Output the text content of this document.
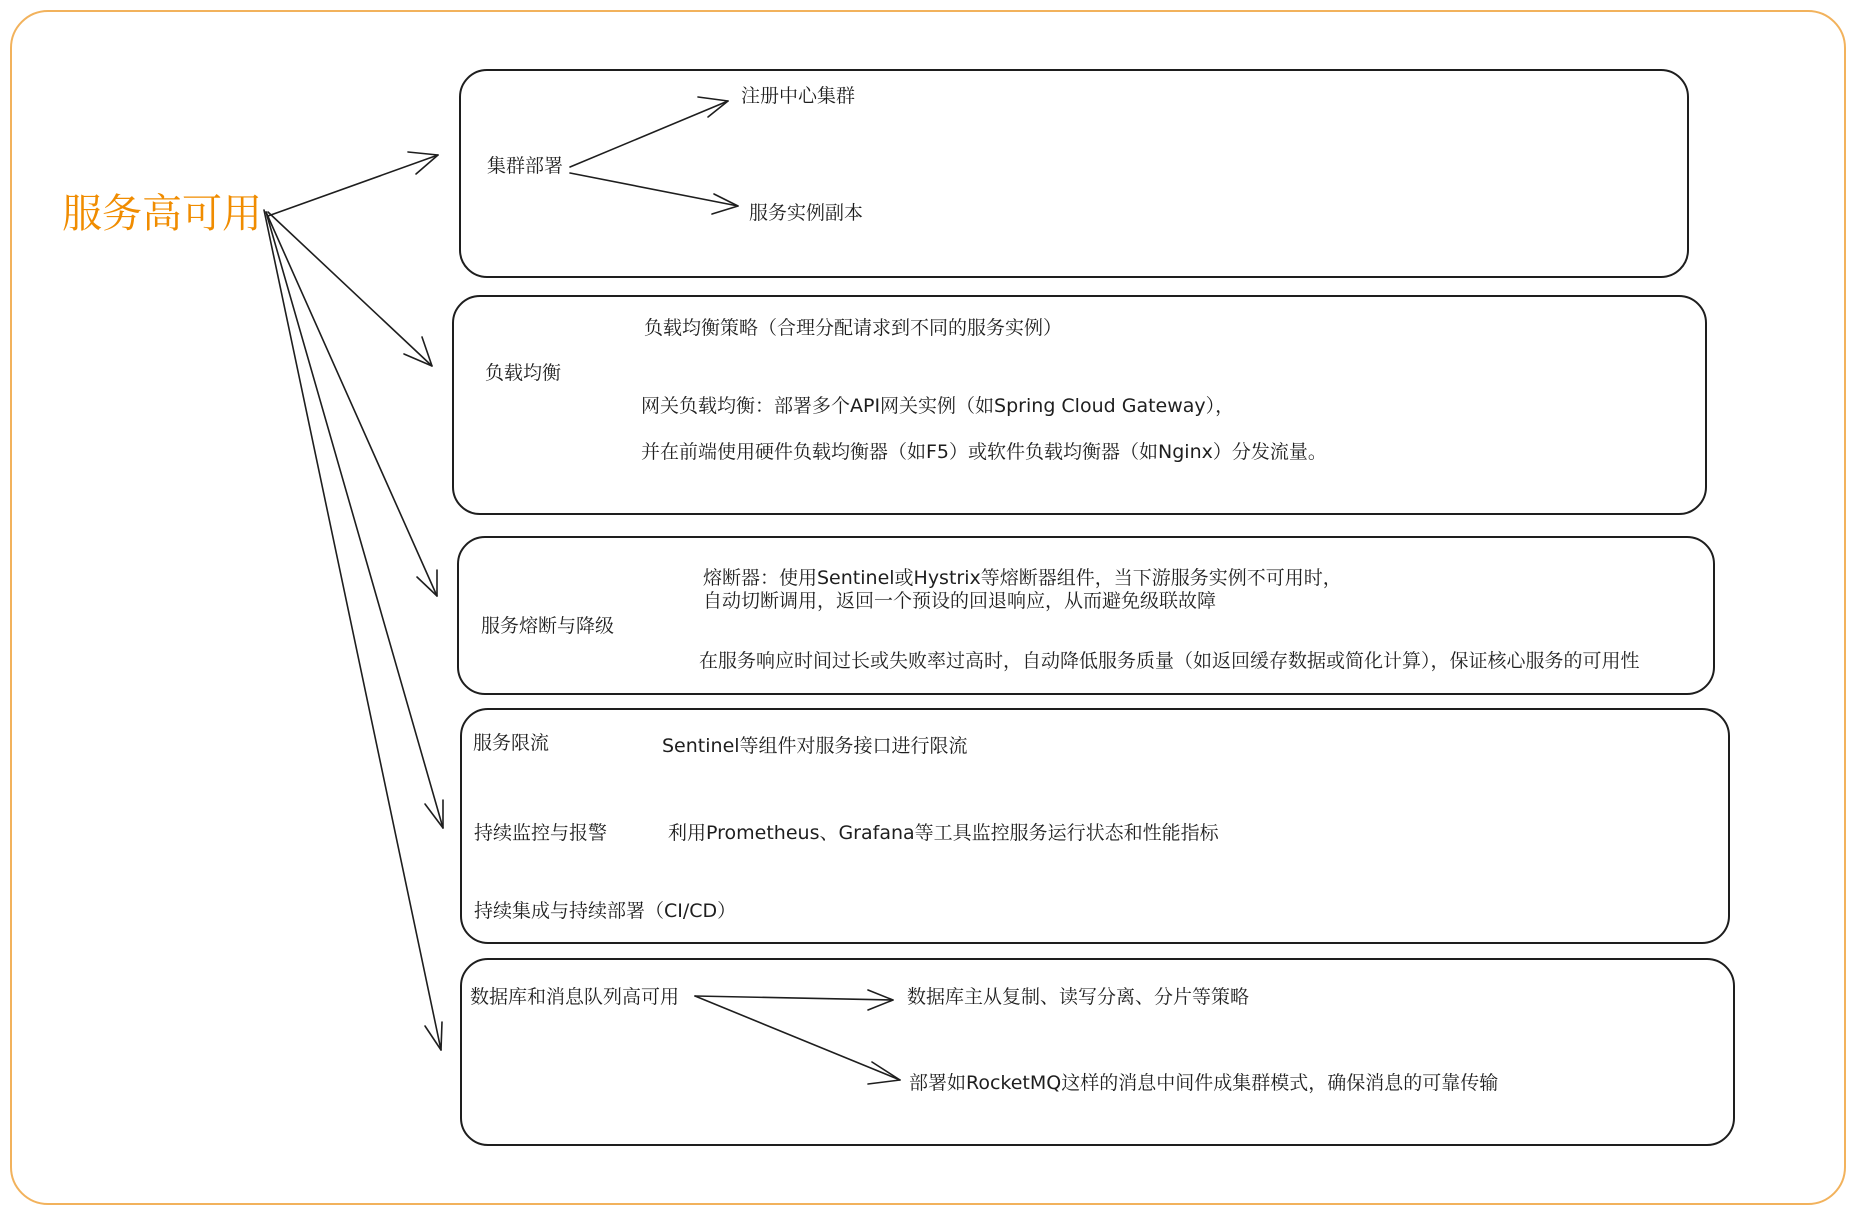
服务高可用
集群部署
注册中心集群
服务实例副本
负载均衡
负载均衡策略（合理分配请求到不同的服务实例）
网关负载均衡：部署多个API网关实例（如Spring Cloud Gateway），
并在前端使用硬件负载均衡器（如F5）或软件负载均衡器（如Nginx）分发流量。
服务熔断与降级
熔断器：使用Sentinel或Hystrix等熔断器组件，当下游服务实例不可用时，
自动切断调用，返回一个预设的回退响应，从而避免级联故障
在服务响应时间过长或失败率过高时，自动降低服务质量（如返回缓存数据或简化计算），保证核心服务的可用性
服务限流	Sentinel等组件对服务接口进行限流
持续监控与报警	利用Prometheus、Grafana等工具监控服务运行状态和性能指标
持续集成与持续部署（CI/CD）
数据库和消息队列高可用	数据库主从复制、读写分离、分片等策略
部署如RocketMQ这样的消息中间件成集群模式，确保消息的可靠传输
